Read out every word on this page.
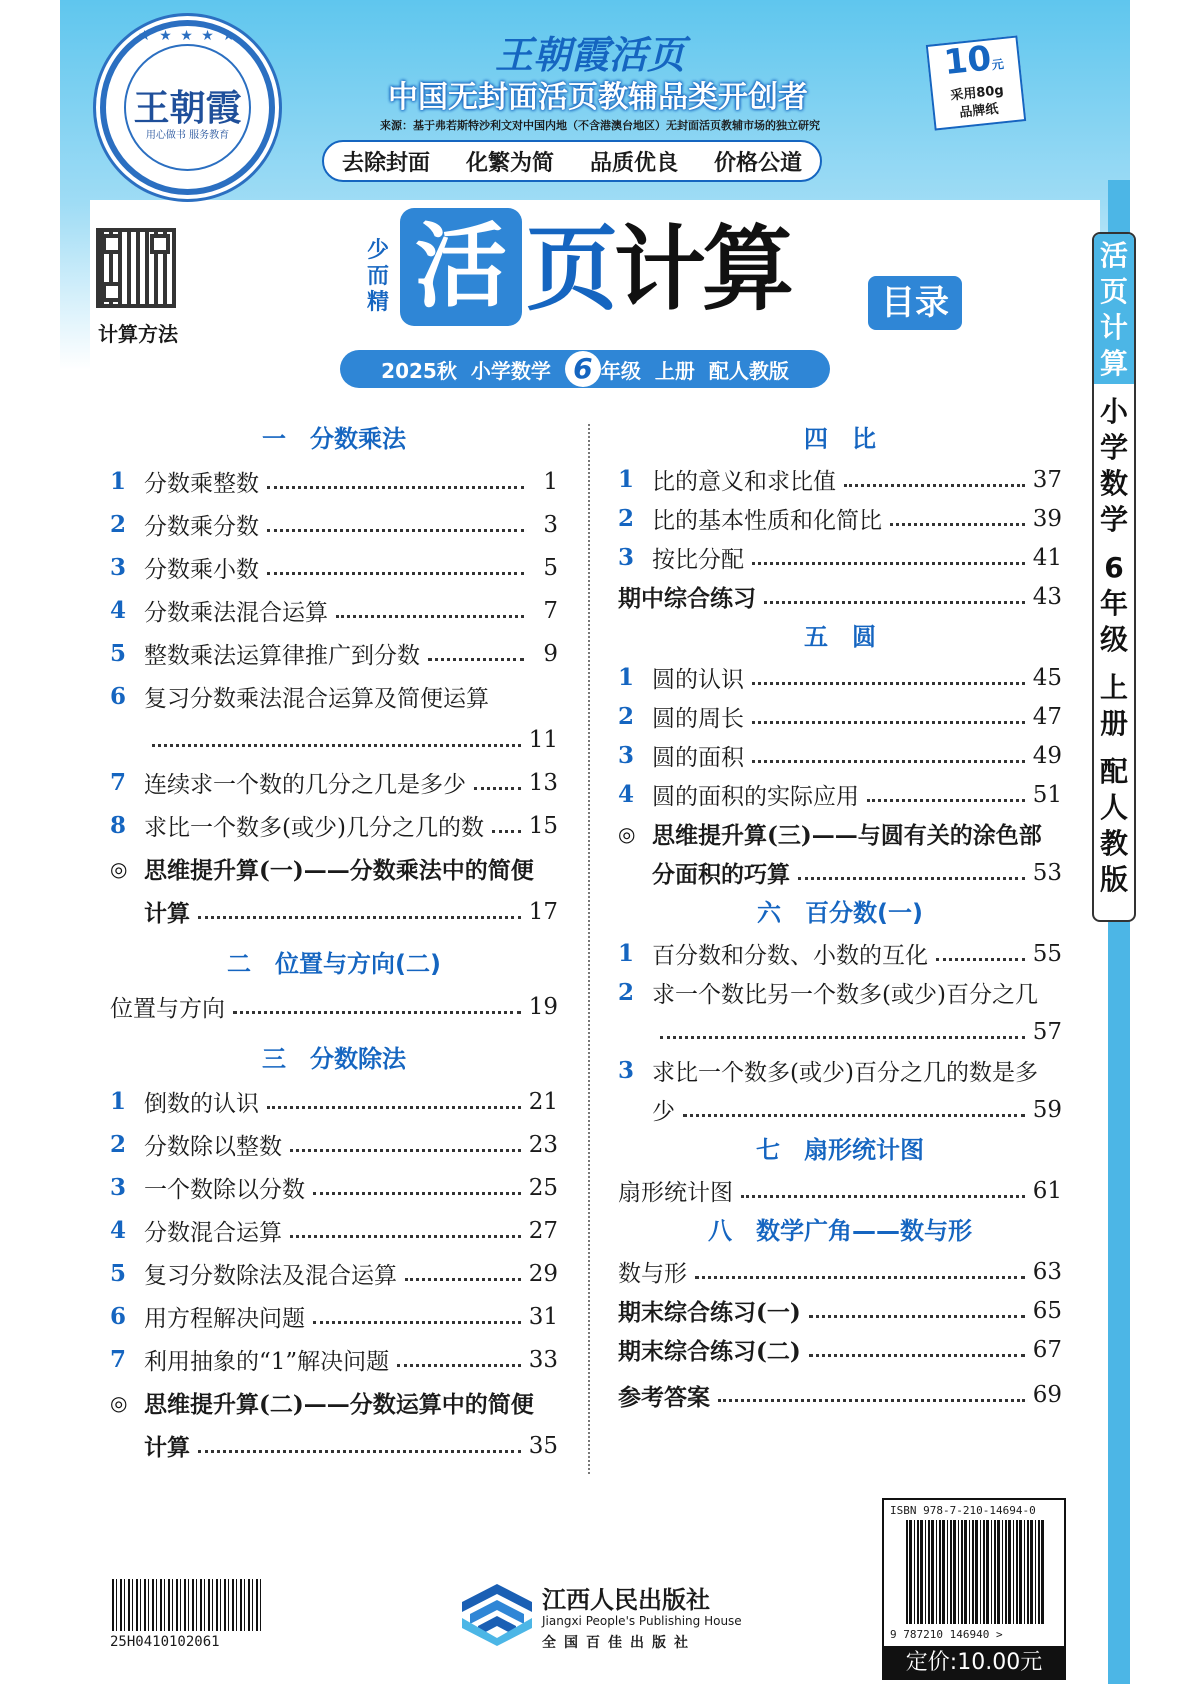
★ ★ ★ ★ ★
王朝霞
用心做书 服务教育
王朝霞活页
中国无封面活页教辅品类开创者
来源：基于弗若斯特沙利文对中国内地（不含港澳台地区）无封面活页教辅市场的独立研究
去除封面 化繁为简 品质优良 价格公道
10元
采用80g
品牌纸
计算方法
少而精 活 页计算	目录
2025秋 小学数学 6 年级 上册 配人教版
活
页
计
算
小
学
数
学
6
年
级
上
册
配
人
教
版
一　分数乘法
1 分数乘整数	1
2 分数乘分数	3
3 分数乘小数	5
4 分数乘法混合运算	7
5 整数乘法运算律推广到分数	9
6 复习分数乘法混合运算及简便运算
11
7 连续求一个数的几分之几是多少	13
8 求比一个数多(或少)几分之几的数 15
◎ 思维提升算(一)——分数乘法中的简便
计算	17
二　位置与方向(二)
位置与方向	19
三　分数除法
1 倒数的认识	21
2 分数除以整数	23
3 一个数除以分数	25
4 分数混合运算	27
5 复习分数除法及混合运算	29
6 用方程解决问题	31
7 利用抽象的“1”解决问题	33
◎ 思维提升算(二)——分数运算中的简便
计算	35
四　比
1 比的意义和求比值	37
2 比的基本性质和化简比	39
3 按比分配	41
期中综合练习	43
五　圆
1 圆的认识	45
2 圆的周长	47
3 圆的面积	49
4 圆的面积的实际应用	51
◎ 思维提升算(三)——与圆有关的涂色部
分面积的巧算	53
六　百分数(一)
1 百分数和分数、小数的互化	55
2 求一个数比另一个数多(或少)百分之几
57
3 求比一个数多(或少)百分之几的数是多
少	59
七　扇形统计图
扇形统计图	61
八　数学广角——数与形
数与形	63
期末综合练习(一)	65
期末综合练习(二)	67
参考答案	69
25H0410102061
江西人民出版社
Jiangxi People's Publishing House
全国百佳出版社
ISBN 978-7-210-14694-0
9 787210 146940 >
定价:10.00元
